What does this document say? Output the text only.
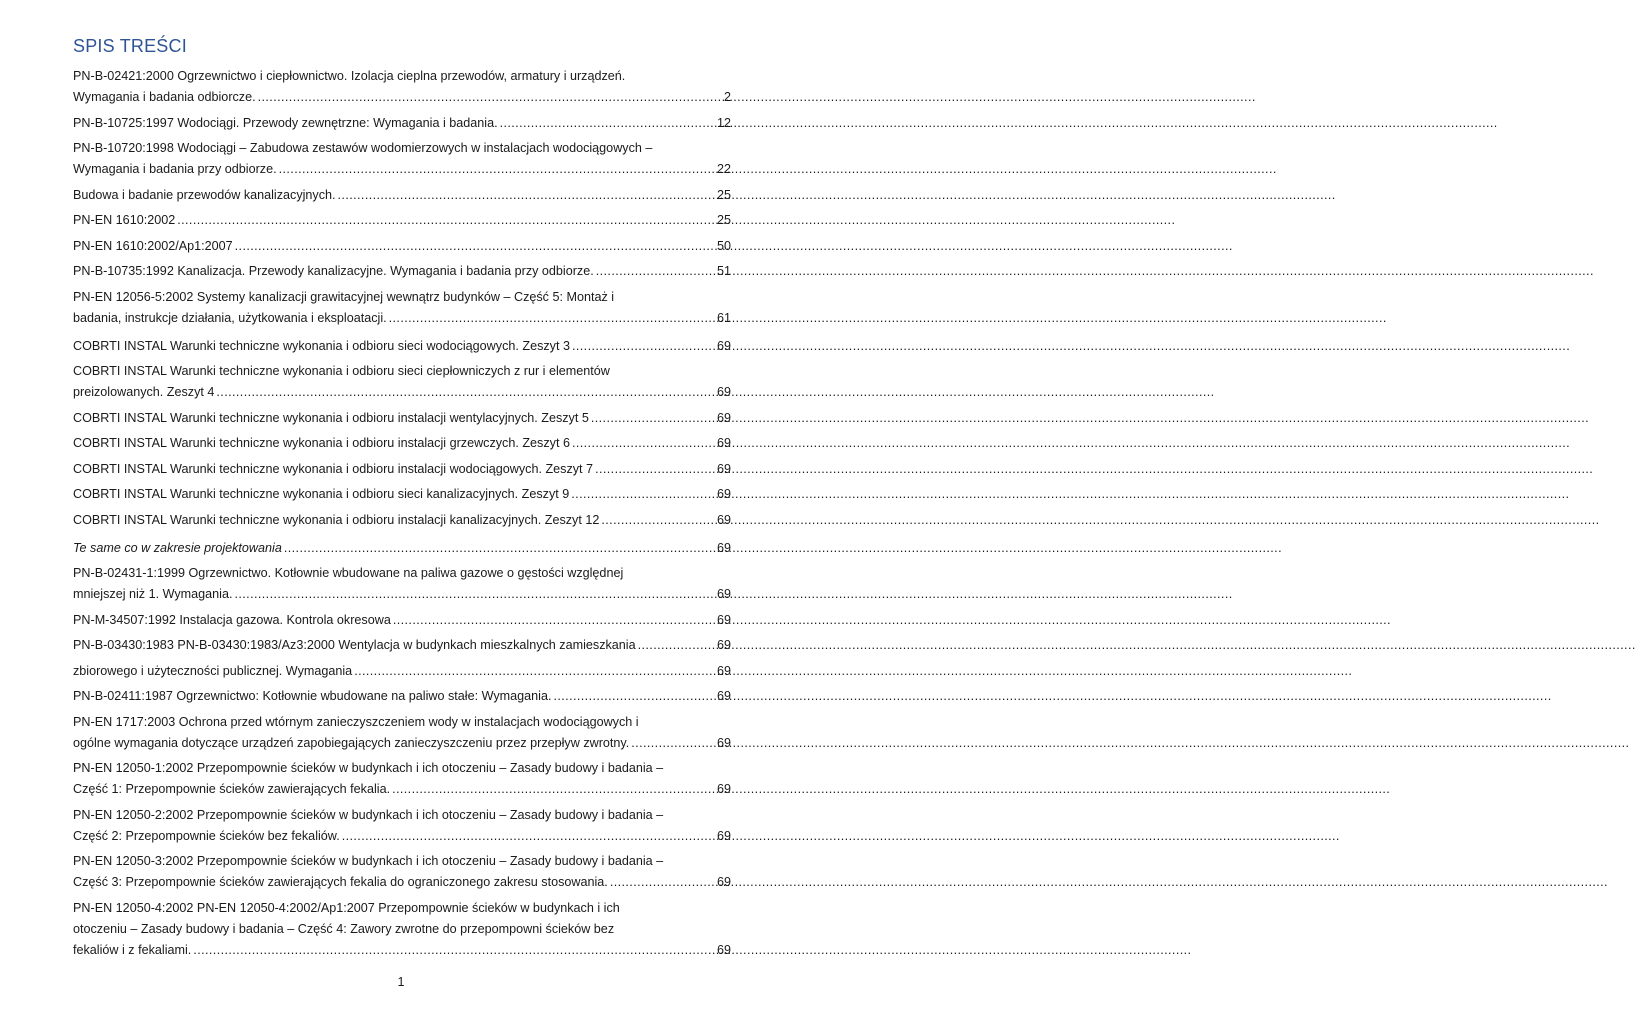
SPIS TREŚCI
PN-B-02421:2000 Ogrzewnictwo i ciepłownictwo. Izolacja cieplna przewodów, armatury i urządzeń.
Wymagania i badania odbiorcze. .....	2
PN-B-10725:1997 Wodociągi. Przewody zewnętrzne: Wymagania i badania. .....	12
PN-B-10720:1998 Wodociągi – Zabudowa zestawów wodomierzowych w instalacjach wodociągowych –
Wymagania i badania przy odbiorze. .....	22
Budowa i badanie przewodów kanalizacyjnych. .....	25
PN-EN 1610:2002 .....	25
PN-EN 1610:2002/Ap1:2007 .....	50
PN-B-10735:1992 Kanalizacja. Przewody kanalizacyjne. Wymagania i badania przy odbiorze. .....	51
PN-EN 12056-5:2002 Systemy kanalizacji grawitacyjnej wewnątrz budynków – Część 5: Montaż i
badania, instrukcje działania, użytkowania i eksploatacji. .....	61
COBRTI INSTAL Warunki techniczne wykonania i odbioru sieci wodociągowych. Zeszyt 3 .....	69
COBRTI INSTAL Warunki techniczne wykonania i odbioru sieci ciepłowniczych z rur i elementów
preizolowanych. Zeszyt 4 .....	69
COBRTI INSTAL Warunki techniczne wykonania i odbioru instalacji wentylacyjnych. Zeszyt 5 .....	69
COBRTI INSTAL Warunki techniczne wykonania i odbioru instalacji grzewczych. Zeszyt 6 .....	69
COBRTI INSTAL Warunki techniczne wykonania i odbioru instalacji wodociągowych. Zeszyt 7 .....	69
COBRTI INSTAL Warunki techniczne wykonania i odbioru sieci kanalizacyjnych. Zeszyt 9 .....	69
COBRTI INSTAL Warunki techniczne wykonania i odbioru instalacji kanalizacyjnych. Zeszyt 12 .....	69
Te same co w zakresie projektowania .....	69
PN-B-02431-1:1999 Ogrzewnictwo. Kotłownie wbudowane na paliwa gazowe o gęstości względnej
mniejszej niż 1. Wymagania. .....	69
PN-M-34507:1992 Instalacja gazowa. Kontrola okresowa .....	69
PN-B-03430:1983 PN-B-03430:1983/Az3:2000 Wentylacja w budynkach mieszkalnych zamieszkania .....	69
zbiorowego i użyteczności publicznej. Wymagania .....	69
PN-B-02411:1987 Ogrzewnictwo: Kotłownie wbudowane na paliwo stałe: Wymagania. .....	69
PN-EN 1717:2003 Ochrona przed wtórnym zanieczyszczeniem wody w instalacjach wodociągowych i
ogólne wymagania dotyczące urządzeń zapobiegających zanieczyszczeniu przez przepływ zwrotny. .....	69
PN-EN 12050-1:2002 Przepompownie ścieków w budynkach i ich otoczeniu – Zasady budowy i badania –
Część 1: Przepompownie ścieków zawierających fekalia. .....	69
PN-EN 12050-2:2002 Przepompownie ścieków w budynkach i ich otoczeniu – Zasady budowy i badania –
Część 2: Przepompownie ścieków bez fekaliów. .....	69
PN-EN 12050-3:2002 Przepompownie ścieków w budynkach i ich otoczeniu – Zasady budowy i badania –
Część 3: Przepompownie ścieków zawierających fekalia do ograniczonego zakresu stosowania. .....	69
PN-EN 12050-4:2002 PN-EN 12050-4:2002/Ap1:2007 Przepompownie ścieków w budynkach i ich
otoczeniu – Zasady budowy i badania – Część 4: Zawory zwrotne do przepompowni ścieków bez
fekaliów i z fekaliami. .....	69
1
